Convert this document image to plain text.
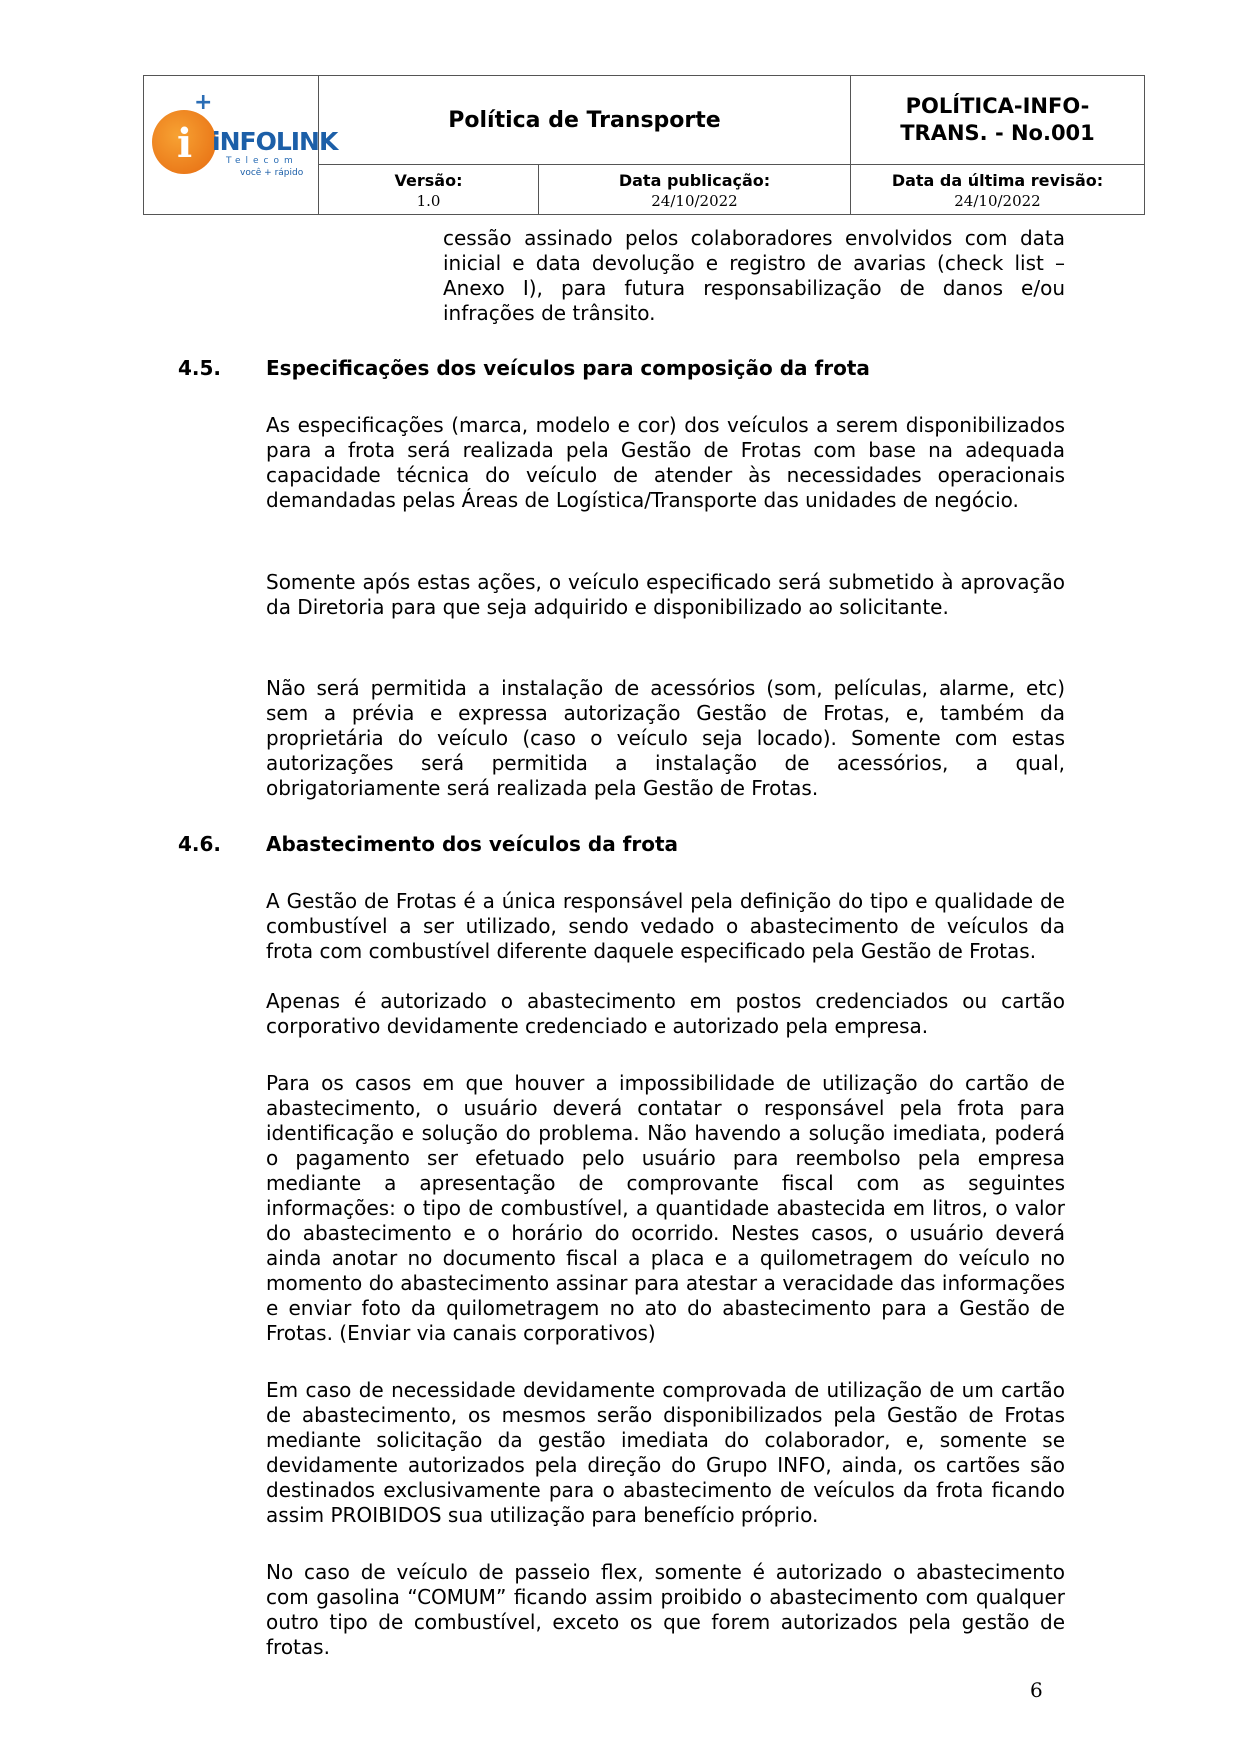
i
+
iNFOLINK
Telecom
você + rápido
Política de Transporte
POLÍTICA-INFO-
TRANS. - No.001
Versão:
1.0
Data publicação:
24/10/2022
Data da última revisão:
24/10/2022

cessão assinado pelos colaboradores envolvidos com data inicial e data devolução e registro de avarias (check list – Anexo I), para futura responsabilização de danos e/ou infrações de trânsito.

4.5. Especificações dos veículos para composição da frota

As especificações (marca, modelo e cor) dos veículos a serem disponibilizados para a frota será realizada pela Gestão de Frotas com base na adequada capacidade técnica do veículo de atender às necessidades operacionais demandadas pelas Áreas de Logística/Transporte das unidades de negócio.

Somente após estas ações, o veículo especificado será submetido à aprovação da Diretoria para que seja adquirido e disponibilizado ao solicitante.

Não será permitida a instalação de acessórios (som, películas, alarme, etc) sem a prévia e expressa autorização Gestão de Frotas, e, também da proprietária do veículo (caso o veículo seja locado). Somente com estas autorizações será permitida a instalação de acessórios, a qual, obrigatoriamente será realizada pela Gestão de Frotas.

4.6. Abastecimento dos veículos da frota

A Gestão de Frotas é a única responsável pela definição do tipo e qualidade de combustível a ser utilizado, sendo vedado o abastecimento de veículos da frota com combustível diferente daquele especificado pela Gestão de Frotas.

Apenas é autorizado o abastecimento em postos credenciados ou cartão corporativo devidamente credenciado e autorizado pela empresa.

Para os casos em que houver a impossibilidade de utilização do cartão de abastecimento, o usuário deverá contatar o responsável pela frota para identificação e solução do problema. Não havendo a solução imediata, poderá o pagamento ser efetuado pelo usuário para reembolso pela empresa mediante a apresentação de comprovante fiscal com as seguintes informações: o tipo de combustível, a quantidade abastecida em litros, o valor do abastecimento e o horário do ocorrido. Nestes casos, o usuário deverá ainda anotar no documento fiscal a placa e a quilometragem do veículo no momento do abastecimento assinar para atestar a veracidade das informações e enviar foto da quilometragem no ato do abastecimento para a Gestão de Frotas. (Enviar via canais corporativos)

Em caso de necessidade devidamente comprovada de utilização de um cartão de abastecimento, os mesmos serão disponibilizados pela Gestão de Frotas mediante solicitação da gestão imediata do colaborador, e, somente se devidamente autorizados pela direção do Grupo INFO, ainda, os cartões são destinados exclusivamente para o abastecimento de veículos da frota ficando assim PROIBIDOS sua utilização para benefício próprio.

No caso de veículo de passeio flex, somente é autorizado o abastecimento com gasolina “COMUM” ficando assim proibido o abastecimento com qualquer outro tipo de combustível, exceto os que forem autorizados pela gestão de frotas.

6
